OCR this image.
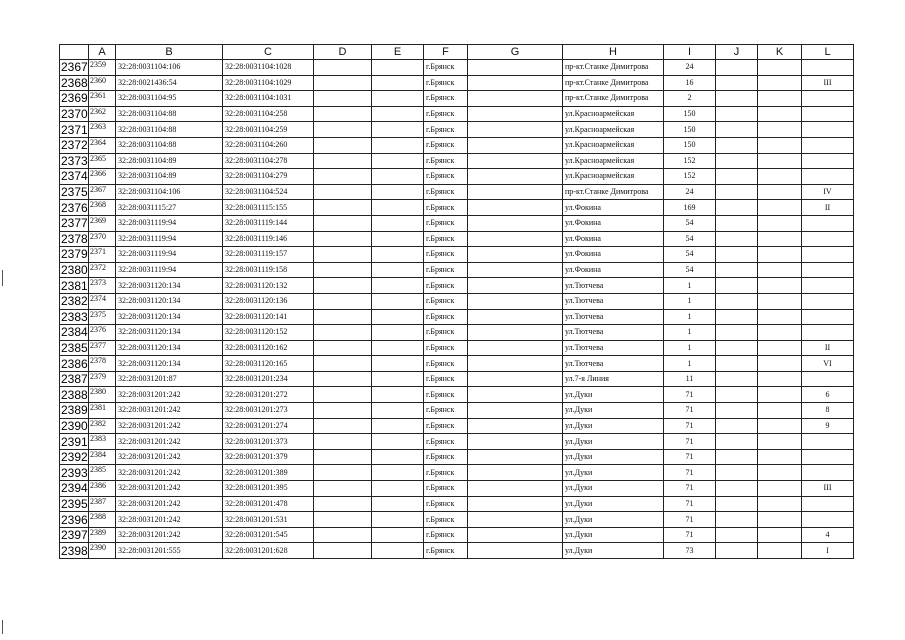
	A	B	C	D	E	F	G	H	I	J	K	L
2367	2359	32:28:0031104:106	32:28:0031104:1028			г.Брянск		пр-кт.Станке Димитрова	24			
2368	2360	32:28:0021436:54	32:28:0031104:1029			г.Брянск		пр-кт.Станке Димитрова	16			III
2369	2361	32:28:0031104:95	32:28:0031104:1031			г.Брянск		пр-кт.Станке Димитрова	2			
2370	2362	32:28:0031104:88	32:28:0031104:258			г.Брянск		ул.Красноармейская	150			
2371	2363	32:28:0031104:88	32:28:0031104:259			г.Брянск		ул.Красноармейская	150			
2372	2364	32:28:0031104:88	32:28:0031104:260			г.Брянск		ул.Красноармейская	150			
2373	2365	32:28:0031104:89	32:28:0031104:278			г.Брянск		ул.Красноармейская	152			
2374	2366	32:28:0031104:89	32:28:0031104:279			г.Брянск		ул.Красноармейская	152			
2375	2367	32:28:0031104:106	32:28:0031104:524			г.Брянск		пр-кт.Станке Димитрова	24			IV
2376	2368	32:28:0031115:27	32:28:0031115:155			г.Брянск		ул.Фокина	169			II
2377	2369	32:28:0031119:94	32:28:0031119:144			г.Брянск		ул.Фокина	54			
2378	2370	32:28:0031119:94	32:28:0031119:146			г.Брянск		ул.Фокина	54			
2379	2371	32:28:0031119:94	32:28:0031119:157			г.Брянск		ул.Фокина	54			
2380	2372	32:28:0031119:94	32:28:0031119:158			г.Брянск		ул.Фокина	54			
2381	2373	32:28:0031120:134	32:28:0031120:132			г.Брянск		ул.Тютчева	1			
2382	2374	32:28:0031120:134	32:28:0031120:136			г.Брянск		ул.Тютчева	1			
2383	2375	32:28:0031120:134	32:28:0031120:141			г.Брянск		ул.Тютчева	1			
2384	2376	32:28:0031120:134	32:28:0031120:152			г.Брянск		ул.Тютчева	1			
2385	2377	32:28:0031120:134	32:28:0031120:162			г.Брянск		ул.Тютчева	1			II
2386	2378	32:28:0031120:134	32:28:0031120:165			г.Брянск		ул.Тютчева	1			VI
2387	2379	32:28:0031201:87	32:28:0031201:234			г.Брянск		ул.7-я Линия	11			
2388	2380	32:28:0031201:242	32:28:0031201:272			г.Брянск		ул.Дуки	71			6
2389	2381	32:28:0031201:242	32:28:0031201:273			г.Брянск		ул.Дуки	71			8
2390	2382	32:28:0031201:242	32:28:0031201:274			г.Брянск		ул.Дуки	71			9
2391	2383	32:28:0031201:242	32:28:0031201:373			г.Брянск		ул.Дуки	71			
2392	2384	32:28:0031201:242	32:28:0031201:379			г.Брянск		ул.Дуки	71			
2393	2385	32:28:0031201:242	32:28:0031201:389			г.Брянск		ул.Дуки	71			
2394	2386	32:28:0031201:242	32:28:0031201:395			г.Брянск		ул.Дуки	71			III
2395	2387	32:28:0031201:242	32:28:0031201:478			г.Брянск		ул.Дуки	71			
2396	2388	32:28:0031201:242	32:28:0031201:531			г.Брянск		ул.Дуки	71			
2397	2389	32:28:0031201:242	32:28:0031201:545			г.Брянск		ул.Дуки	71			4
2398	2390	32:28:0031201:555	32:28:0031201:628			г.Брянск		ул.Дуки	73			I
